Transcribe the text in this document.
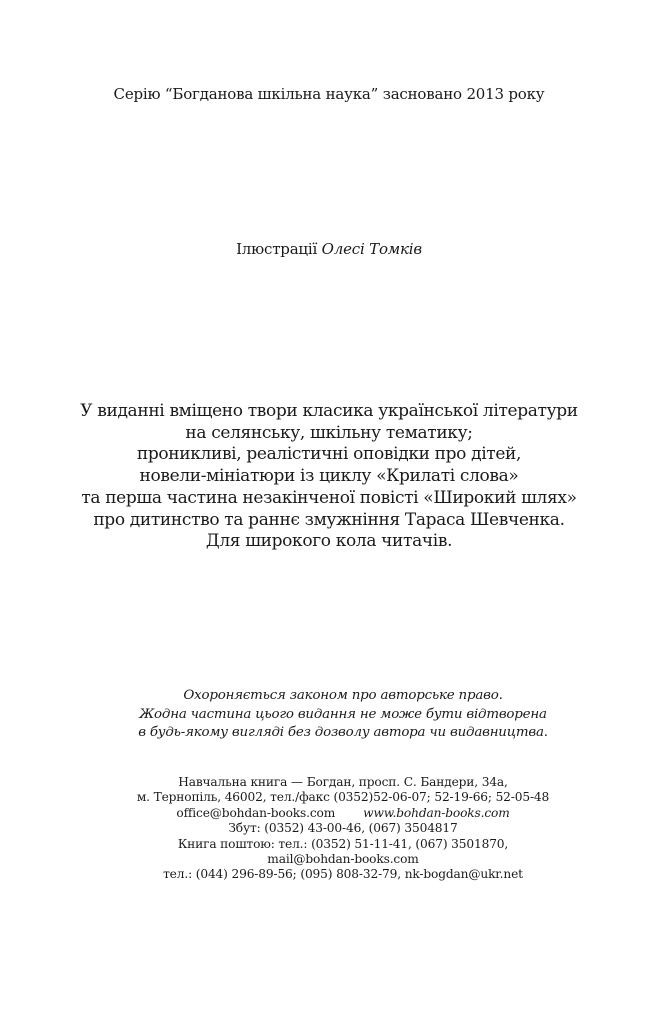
Серію “Богданова шкільна наука” засновано 2013 року
Ілюстрації Олесі Томків
У виданні вміщено твори класика української літератури
на селянську, шкільну тематику;
проникливі, реалістичні оповідки про дітей,
новели-мініатюри із циклу «Крилаті слова»
та перша частина незакінченої повісті «Широкий шлях»
про дитинство та раннє змужніння Тараса Шевченка.
Для широкого кола читачів.
Охороняється законом про авторське право.
Жодна частина цього видання не може бути відтворена
в будь-якому вигляді без дозволу автора чи видавництва.
Навчальна книга — Богдан, просп. С. Бандери, 34а,
м. Тернопіль, 46002, тел./факс (0352)52-06-07; 52-19-66; 52-05-48
office@bohdan-books.com www.bohdan-books.com
Збут: (0352) 43-00-46, (067) 3504817
Книга поштою: тел.: (0352) 51-11-41, (067) 3501870,
mail@bohdan-books.com
тел.: (044) 296-89-56; (095) 808-32-79, nk-bogdan@ukr.net
